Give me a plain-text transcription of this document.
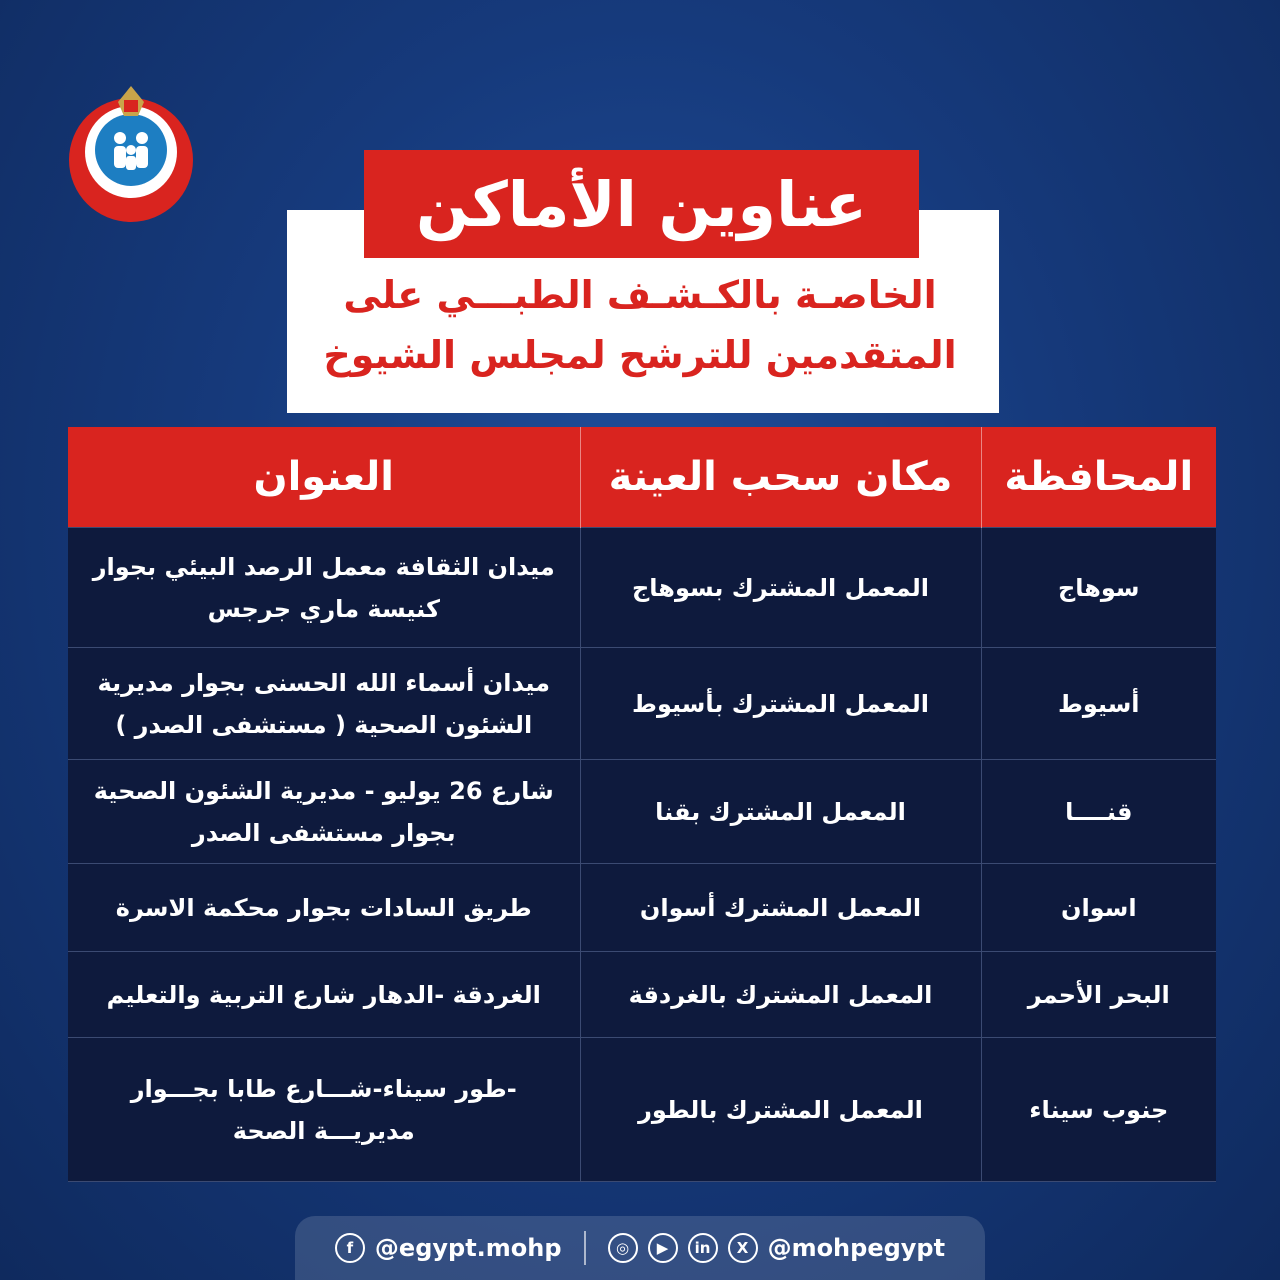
عناوين الأماكن
الخاصـة بالكـشـف الطبـــي على
المتقدمين للترشح لمجلس الشيوخ
المحافظة	مكان سحب العينة	العنوان
سوهاج	المعمل المشترك بسوهاج	ميدان الثقافة معمل الرصد البيئي بجوار كنيسة ماري جرجس
أسيوط	المعمل المشترك بأسيوط	ميدان أسماء الله الحسنى بجوار مديرية الشئون الصحية ( مستشفى الصدر )
قنــــا	المعمل المشترك بقنا	شارع 26 يوليو - مديرية الشئون الصحية بجوار مستشفى الصدر
اسوان	المعمل المشترك أسوان	طريق السادات بجوار محكمة الاسرة
البحر الأحمر	المعمل المشترك بالغردقة	الغردقة -الدهار شارع التربية والتعليم
جنوب سيناء	المعمل المشترك بالطور	-طور سيناء-شـــارع طابا بجـــوار مديريـــة الصحة
f @egypt.mohp	◎	▶	in	X @mohpegypt
